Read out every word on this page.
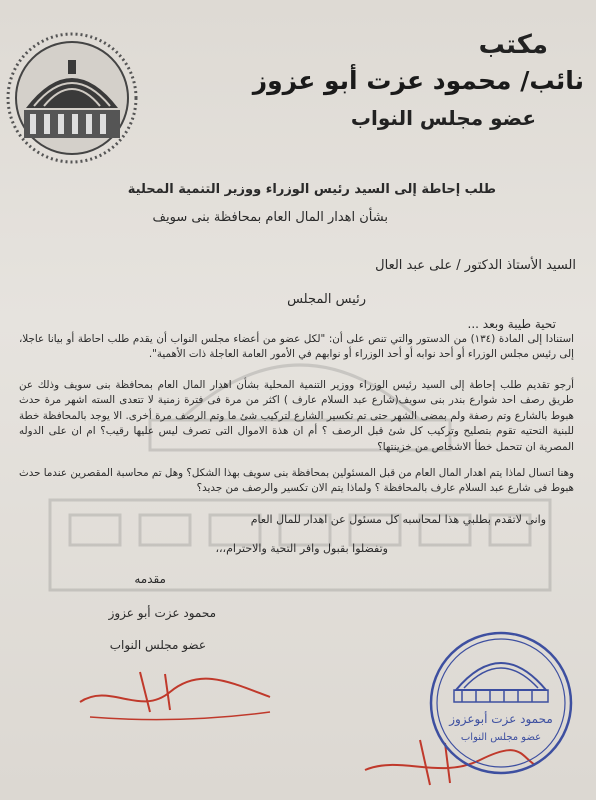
مكتب
نائب/ محمود عزت أبو عزوز
عضو مجلس النواب
طلب إحاطة إلى السيد رئيس الوزراء ووزير التنمية المحلية
بشأن اهدار المال العام بمحافظة بنى سويف
السيد الأستاذ الدكتور / على عبد العال
رئيس المجلس
تحية طيبة وبعد ...
استنادا إلى المادة (١٣٤) من الدستور والتي تنص على أن: "لكل عضو من أعضاء مجلس النواب أن يقدم طلب احاطة أو بيانا عاجلا، إلى رئيس مجلس الوزراء أو أحد نوابه أو أحد الوزراء أو نوابهم في الأمور العامة العاجلة ذات الأهمية".
أرجو تقديم طلب إحاطة إلى السيد رئيس الوزراء ووزير التنمية المحلية بشأن اهدار المال العام بمحافظة بنى سويف وذلك عن طريق رصف احد شوارع بندر بنى سويف(شارع عبد السلام عارف ) اكثر من مرة فى فترة زمنية لا تتعدى السته اشهر مرة حدث هبوط بالشارع وتم رصفة ولم بمضى الشهر حتى تم تكسير الشارع لتركيب شئ ما وتم الرصف مرة أخرى. الا يوجد بالمحافظة خطة للبنية التحتيه تقوم بتصليح وتركيب كل شئ قبل الرصف ؟ أم ان هذة الاموال التى تصرف ليس عليها رقيب؟ ام ان على الدوله المصرية ان تتحمل خطأ الاشخاص من خزينتها؟
وهنا اتسال لماذا يتم اهدار المال العام من قبل المسئولين بمحافظة بنى سويف بهذا الشكل؟ وهل تم محاسبة المقصرين عندما حدث هبوط فى شارع عبد السلام عارف بالمحافظة ؟ ولماذا يتم الان تكسير والرصف من جديد؟
وانى لاتقدم بطلبي هذا لمحاسبه كل مسئول عن اهدار للمال العام
وتفضلوا بقبول وافر التحية والاحترام،،،
مقدمه
محمود عزت أبو عزوز
عضو مجلس النواب
محمود عزت أبوعزوز
عضو مجلس النواب
